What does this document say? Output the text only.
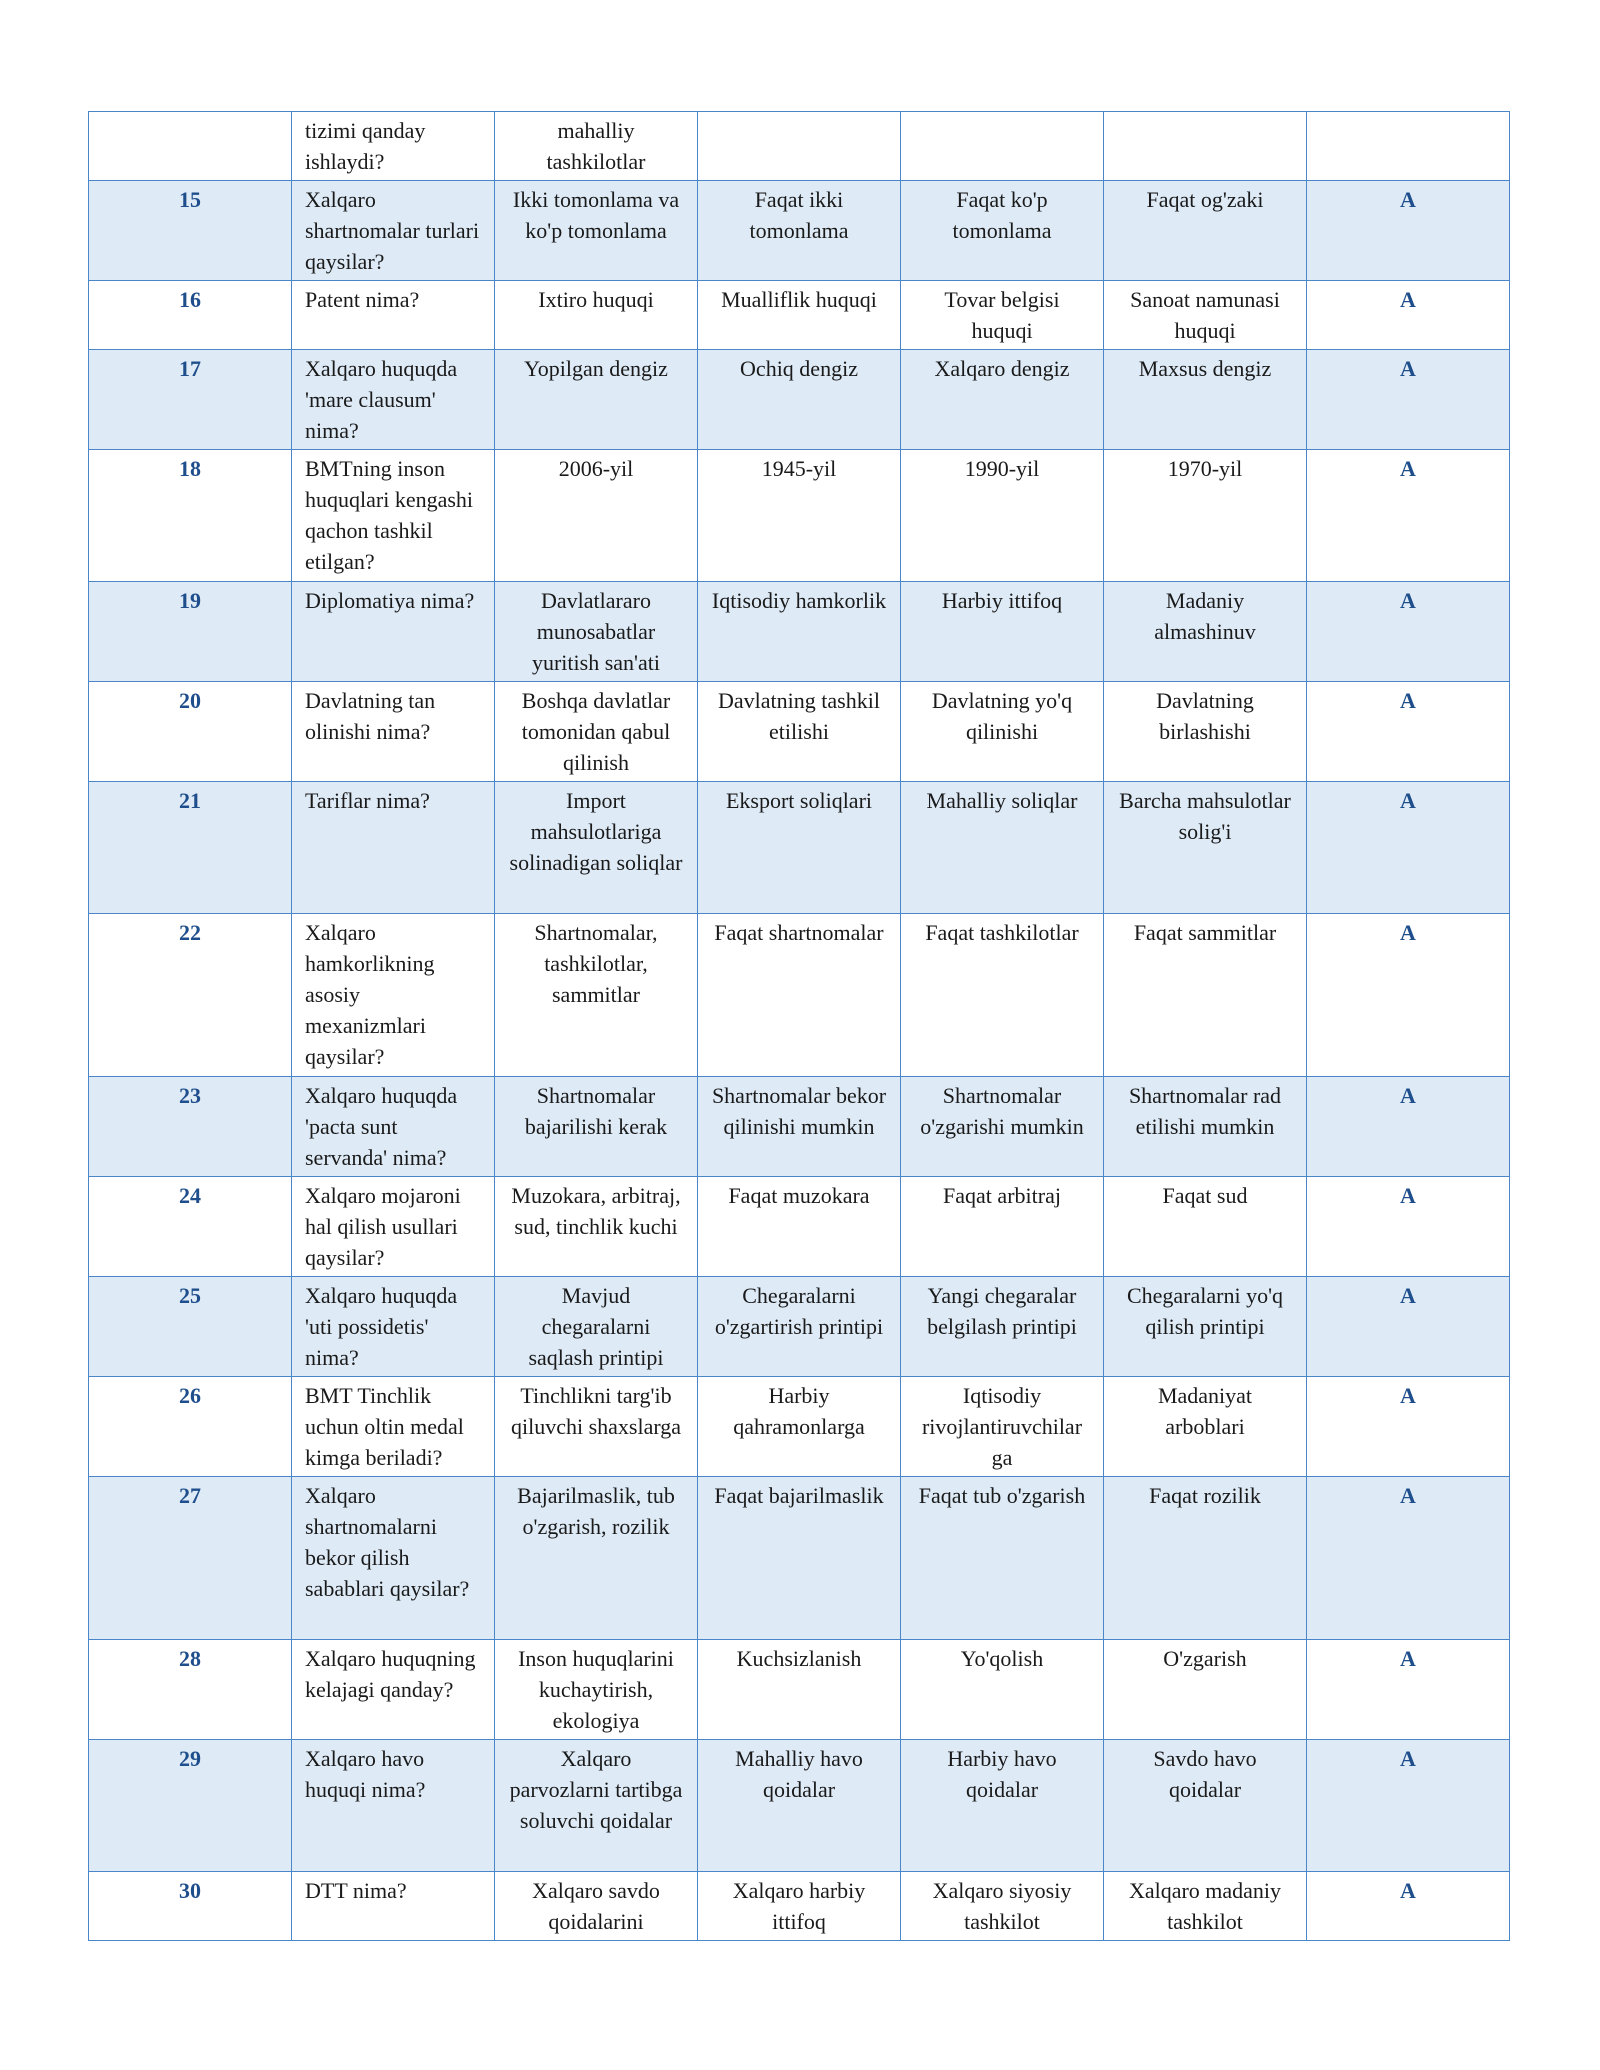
	tizimi qanday ishlaydi?	mahalliy tashkilotlar				
15	Xalqaro shartnomalar turlari qaysilar?	Ikki tomonlama va ko'p tomonlama	Faqat ikki tomonlama	Faqat ko'p tomonlama	Faqat og'zaki	A
16	Patent nima?	Ixtiro huquqi	Mualliflik huquqi	Tovar belgisi huquqi	Sanoat namunasi huquqi	A
17	Xalqaro huquqda 'mare clausum' nima?	Yopilgan dengiz	Ochiq dengiz	Xalqaro dengiz	Maxsus dengiz	A
18	BMTning inson huquqlari kengashi qachon tashkil etilgan?	2006-yil	1945-yil	1990-yil	1970-yil	A
19	Diplomatiya nima?	Davlatlararo munosabatlar yuritish san'ati	Iqtisodiy hamkorlik	Harbiy ittifoq	Madaniy almashinuv	A
20	Davlatning tan olinishi nima?	Boshqa davlatlar tomonidan qabul qilinish	Davlatning tashkil etilishi	Davlatning yo'q qilinishi	Davlatning birlashishi	A
21	Tariflar nima?	Import mahsulotlariga solinadigan soliqlar	Eksport soliqlari	Mahalliy soliqlar	Barcha mahsulotlar solig'i	A
22	Xalqaro hamkorlikning asosiy mexanizmlari qaysilar?	Shartnomalar, tashkilotlar, sammitlar	Faqat shartnomalar	Faqat tashkilotlar	Faqat sammitlar	A
23	Xalqaro huquqda 'pacta sunt servanda' nima?	Shartnomalar bajarilishi kerak	Shartnomalar bekor qilinishi mumkin	Shartnomalar o'zgarishi mumkin	Shartnomalar rad etilishi mumkin	A
24	Xalqaro mojaroni hal qilish usullari qaysilar?	Muzokara, arbitraj, sud, tinchlik kuchi	Faqat muzokara	Faqat arbitraj	Faqat sud	A
25	Xalqaro huquqda 'uti possidetis' nima?	Mavjud chegaralarni saqlash printipi	Chegaralarni o'zgartirish printipi	Yangi chegaralar belgilash printipi	Chegaralarni yo'q qilish printipi	A
26	BMT Tinchlik uchun oltin medal kimga beriladi?	Tinchlikni targ'ib qiluvchi shaxslarga	Harbiy qahramonlarga	Iqtisodiy rivojlantiruvchilar ga	Madaniyat arboblari	A
27	Xalqaro shartnomalarni bekor qilish sabablari qaysilar?	Bajarilmaslik, tub o'zgarish, rozilik	Faqat bajarilmaslik	Faqat tub o'zgarish	Faqat rozilik	A
28	Xalqaro huquqning kelajagi qanday?	Inson huquqlarini kuchaytirish, ekologiya	Kuchsizlanish	Yo'qolish	O'zgarish	A
29	Xalqaro havo huquqi nima?	Xalqaro parvozlarni tartibga soluvchi qoidalar	Mahalliy havo qoidalar	Harbiy havo qoidalar	Savdo havo qoidalar	A
30	DTT nima?	Xalqaro savdo qoidalarini	Xalqaro harbiy ittifoq	Xalqaro siyosiy tashkilot	Xalqaro madaniy tashkilot	A
